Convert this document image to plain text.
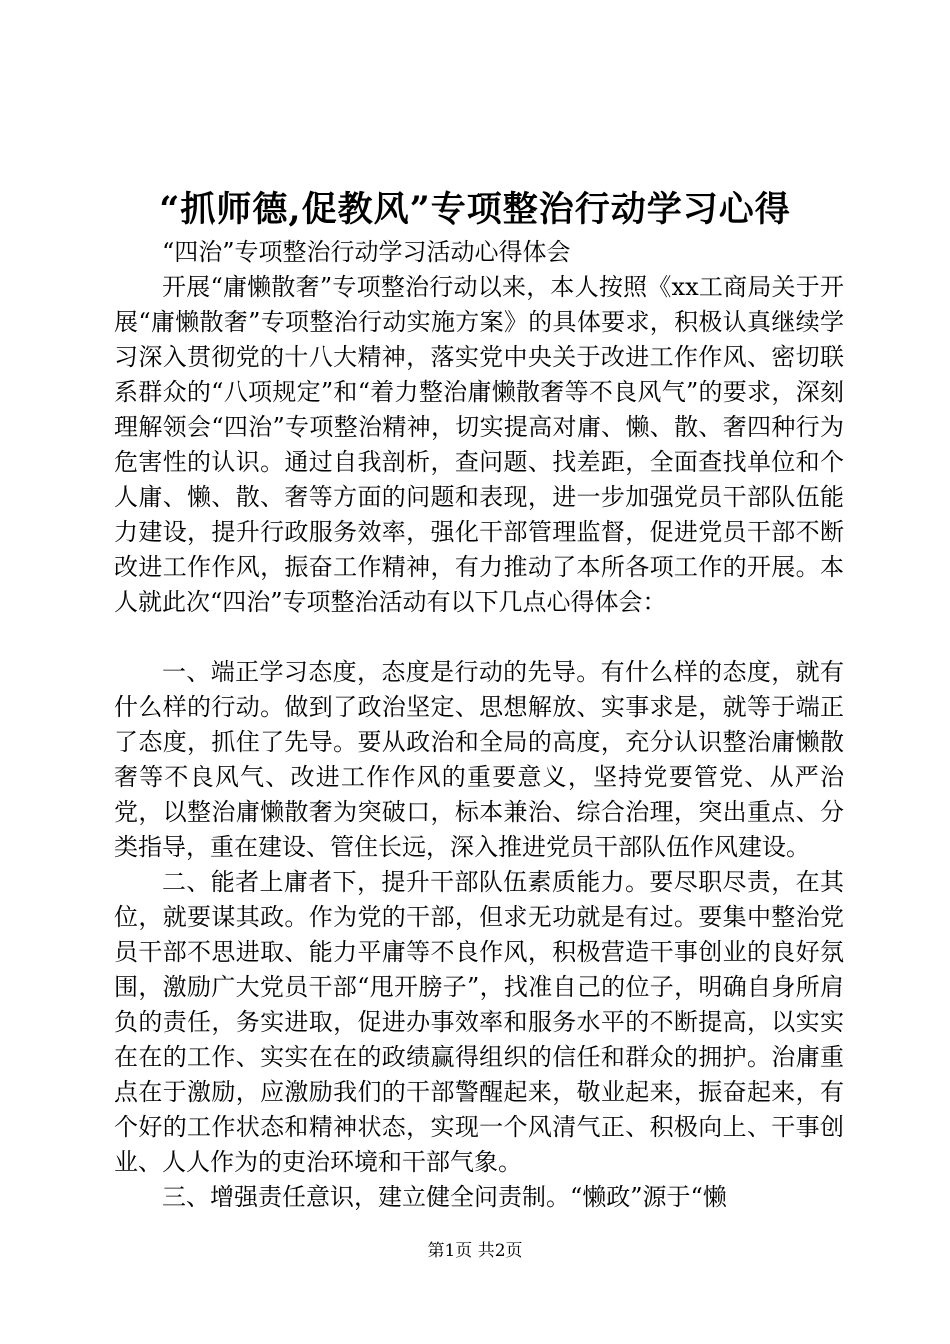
“抓师德,促教风”专项整治行动学习心得

“四治”专项整治行动学习活动心得体会

开展“庸懒散奢”专项整治行动以来，本人按照《xx工商局关于开展“庸懒散奢”专项整治行动实施方案》的具体要求，积极认真继续学习深入贯彻党的十八大精神，落实党中央关于改进工作作风、密切联系群众的“八项规定”和“着力整治庸懒散奢等不良风气”的要求，深刻理解领会“四治”专项整治精神，切实提高对庸、懒、散、奢四种行为危害性的认识。通过自我剖析，查问题、找差距，全面查找单位和个人庸、懒、散、奢等方面的问题和表现，进一步加强党员干部队伍能力建设，提升行政服务效率，强化干部管理监督，促进党员干部不断改进工作作风，振奋工作精神，有力推动了本所各项工作的开展。本人就此次“四治”专项整治活动有以下几点心得体会：

一、端正学习态度，态度是行动的先导。有什么样的态度，就有什么样的行动。做到了政治坚定、思想解放、实事求是，就等于端正了态度，抓住了先导。要从政治和全局的高度，充分认识整治庸懒散奢等不良风气、改进工作作风的重要意义，坚持党要管党、从严治党，以整治庸懒散奢为突破口，标本兼治、综合治理，突出重点、分类指导，重在建设、管住长远，深入推进党员干部队伍作风建设。

二、能者上庸者下，提升干部队伍素质能力。要尽职尽责，在其位，就要谋其政。作为党的干部，但求无功就是有过。要集中整治党员干部不思进取、能力平庸等不良作风，积极营造干事创业的良好氛围，激励广大党员干部“甩开膀子”，找准自己的位子，明确自身所肩负的责任，务实进取，促进办事效率和服务水平的不断提高，以实实在在的工作、实实在在的政绩赢得组织的信任和群众的拥护。治庸重点在于激励，应激励我们的干部警醒起来，敬业起来，振奋起来，有个好的工作状态和精神状态，实现一个风清气正、积极向上、干事创业、人人作为的吏治环境和干部气象。

三、增强责任意识，建立健全问责制。“懒政”源于“懒

第1页 共2页
